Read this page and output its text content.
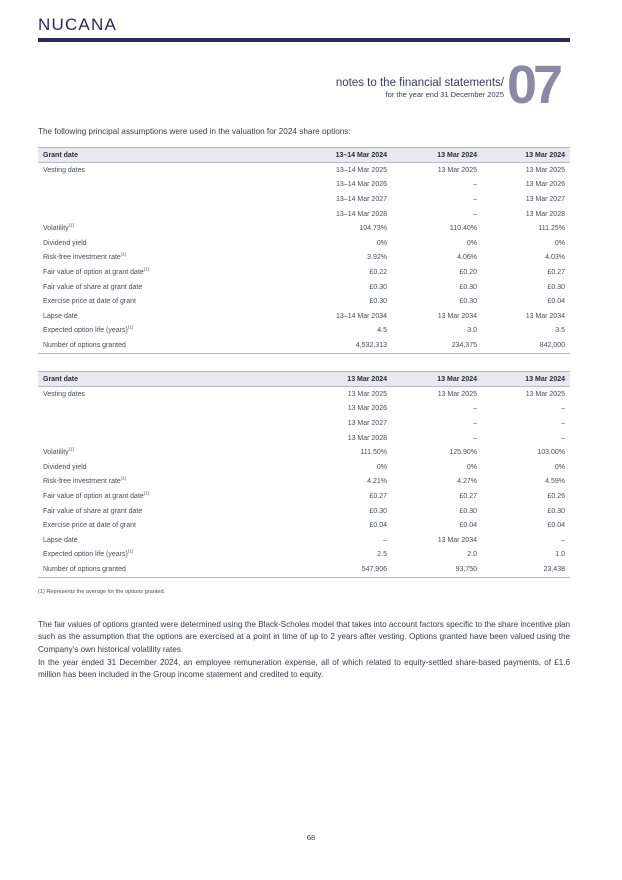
NUCANA
notes to the financial statements/
for the year end 31 December 2025 07
The following principal assumptions were used in the valuation for 2024 share options:
Grant date	13–14 Mar 2024	13 Mar 2024	13 Mar 2024
Vesting dates	13–14 Mar 2025	13 Mar 2025	13 Mar 2025
	13–14 Mar 2026	–	13 Mar 2026
	13–14 Mar 2027	–	13 Mar 2027
	13–14 Mar 2028	–	13 Mar 2028
Volatility$^{(1)}$	104.73%	110.40%	111.25%
Dividend yield	0%	0%	0%
Risk-free investment rate$^{(1)}$	3.92%	4.06%	4.03%
Fair value of option at grant date$^{(1)}$	£0.22	£0.20	£0.27
Fair value of share at grant date	£0.30	£0.30	£0.30
Exercise price at date of grant	£0.30	£0.30	£0.04
Lapse date	13–14 Mar 2034	13 Mar 2034	13 Mar 2034
Expected option life (years)$^{(1)}$	4.5	3.0	3.5
Number of options granted	4,532,313	234,375	842,000
Grant date	13 Mar 2024	13 Mar 2024	13 Mar 2024
Vesting dates	13 Mar 2025	13 Mar 2025	13 Mar 2025
	13 Mar 2026	–	–
	13 Mar 2027	–	–
	13 Mar 2028	–	–
Volatility$^{(1)}$	111.50%	125.90%	103.00%
Dividend yield	0%	0%	0%
Risk-free investment rate$^{(1)}$	4.21%	4.27%	4.59%
Fair value of option at grant date$^{(1)}$	£0.27	£0.27	£0.26
Fair value of share at grant date	£0.30	£0.30	£0.30
Exercise price at date of grant	£0.04	£0.04	£0.04
Lapse date	–	13 Mar 2034	–
Expected option life (years)$^{(1)}$	2.5	2.0	1.0
Number of options granted	547,906	93,750	23,438
(1) Represents the average for the options granted.

The fair values of options granted were determined using the Black-Scholes model that takes into account factors specific to the share incentive plan such as the assumption that the options are exercised at a point in time of up to 2 years after vesting. Options granted have been valued using the Company’s own historical volatility rates.

In the year ended 31 December 2024, an employee remuneration expense, all of which related to equity-settled share-based payments, of £1.6 million has been included in the Group income statement and credited to equity.

68
